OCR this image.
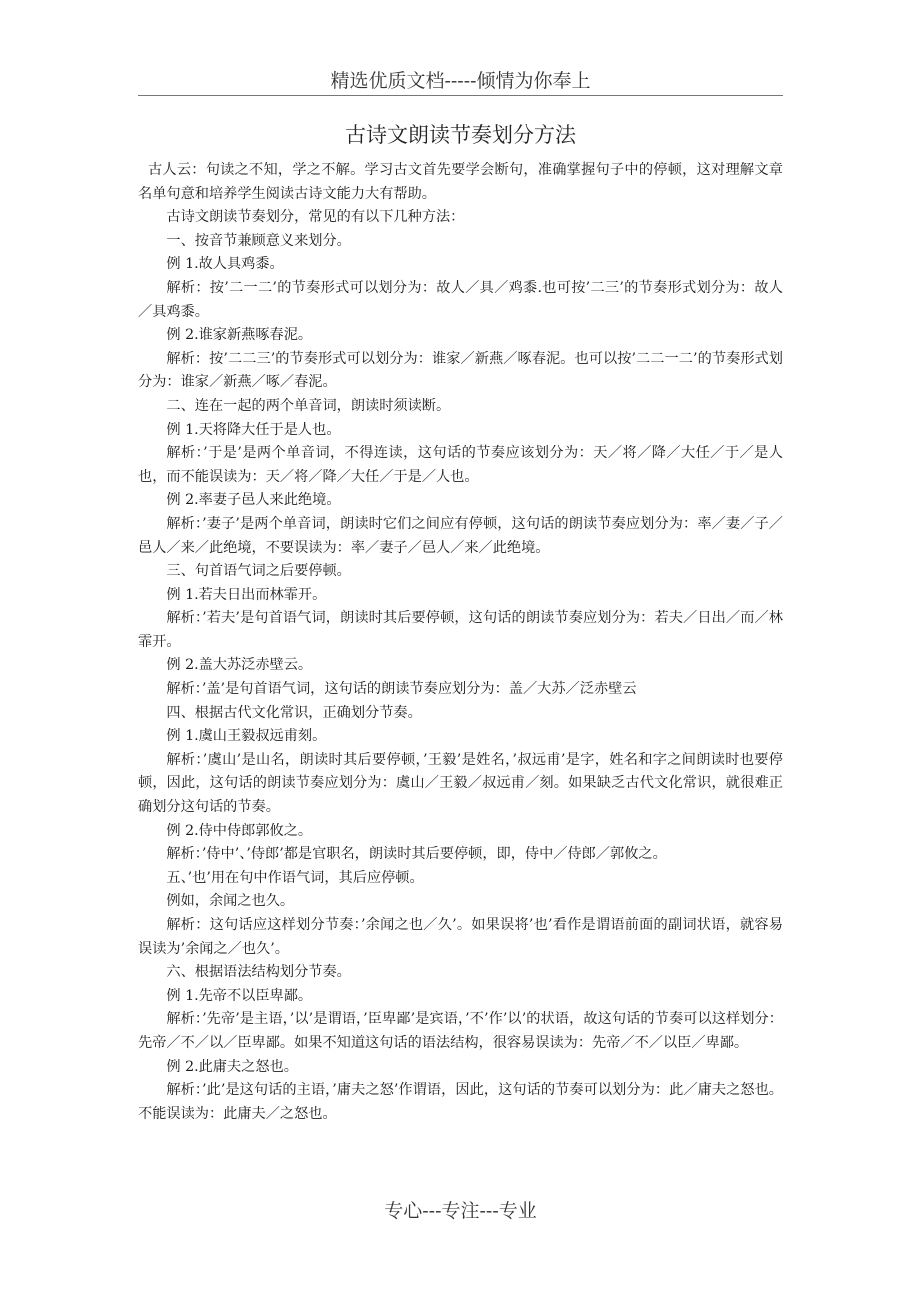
精选优质文档-----倾情为你奉上
古诗文朗读节奏划分方法

古人云：句读之不知，学之不解。学习古文首先要学会断句，准确掌握句子中的停顿，这对理解文章名单句意和培养学生阅读古诗文能力大有帮助。

古诗文朗读节奏划分，常见的有以下几种方法：

一、按音节兼顾意义来划分。

例 1.故人具鸡黍。

解析：按’二一二’的节奏形式可以划分为：故人／具／鸡黍.也可按’二三’的节奏形式划分为：故人／具鸡黍。

例 2.谁家新燕啄春泥。

解析：按’二二三’的节奏形式可以划分为：谁家／新燕／啄春泥。也可以按’二二一二’的节奏形式划分为：谁家／新燕／啄／春泥。

二、连在一起的两个单音词，朗读时须读断。

例 1.天将降大任于是人也。

解析：’于是’是两个单音词，不得连读，这句话的节奏应该划分为：天／将／降／大任／于／是人也，而不能误读为：天／将／降／大任／于是／人也。

例 2.率妻子邑人来此绝境。

解析：’妻子’是两个单音词，朗读时它们之间应有停顿，这句话的朗读节奏应划分为：率／妻／子／邑人／来／此绝境，不要误读为：率／妻子／邑人／来／此绝境。

三、句首语气词之后要停顿。

例 1.若夫日出而林霏开。

解析：’若夫’是句首语气词，朗读时其后要停顿，这句话的朗读节奏应划分为：若夫／日出／而／林霏开。

例 2.盖大苏泛赤壁云。

解析：’盖’是句首语气词，这句话的朗读节奏应划分为：盖／大苏／泛赤壁云

四、根据古代文化常识，正确划分节奏。

例 1.虞山王毅叔远甫刻。

解析：’虞山’是山名，朗读时其后要停顿，’王毅’是姓名，’叔远甫’是字，姓名和字之间朗读时也要停顿，因此，这句话的朗读节奏应划分为：虞山／王毅／叔远甫／刻。如果缺乏古代文化常识，就很难正确划分这句话的节奏。

例 2.侍中侍郎郭攸之。

解析：’侍中’、’侍郎’都是官职名，朗读时其后要停顿，即，侍中／侍郎／郭攸之。

五、’也’用在句中作语气词，其后应停顿。

例如，余闻之也久。

解析：这句话应这样划分节奏：’余闻之也／久’。如果误将’也’看作是谓语前面的副词状语，就容易误读为’余闻之／也久’。

六、根据语法结构划分节奏。

例 1.先帝不以臣卑鄙。

解析：’先帝’是主语，’以’是谓语，’臣卑鄙’是宾语，’不’作’以’的状语，故这句话的节奏可以这样划分：先帝／不／以／臣卑鄙。如果不知道这句话的语法结构，很容易误读为：先帝／不／以臣／卑鄙。

例 2.此庸夫之怒也。

解析：’此’是这句话的主语，’庸夫之怒’作谓语，因此，这句话的节奏可以划分为：此／庸夫之怒也。不能误读为：此庸夫／之怒也。

专心---专注---专业
